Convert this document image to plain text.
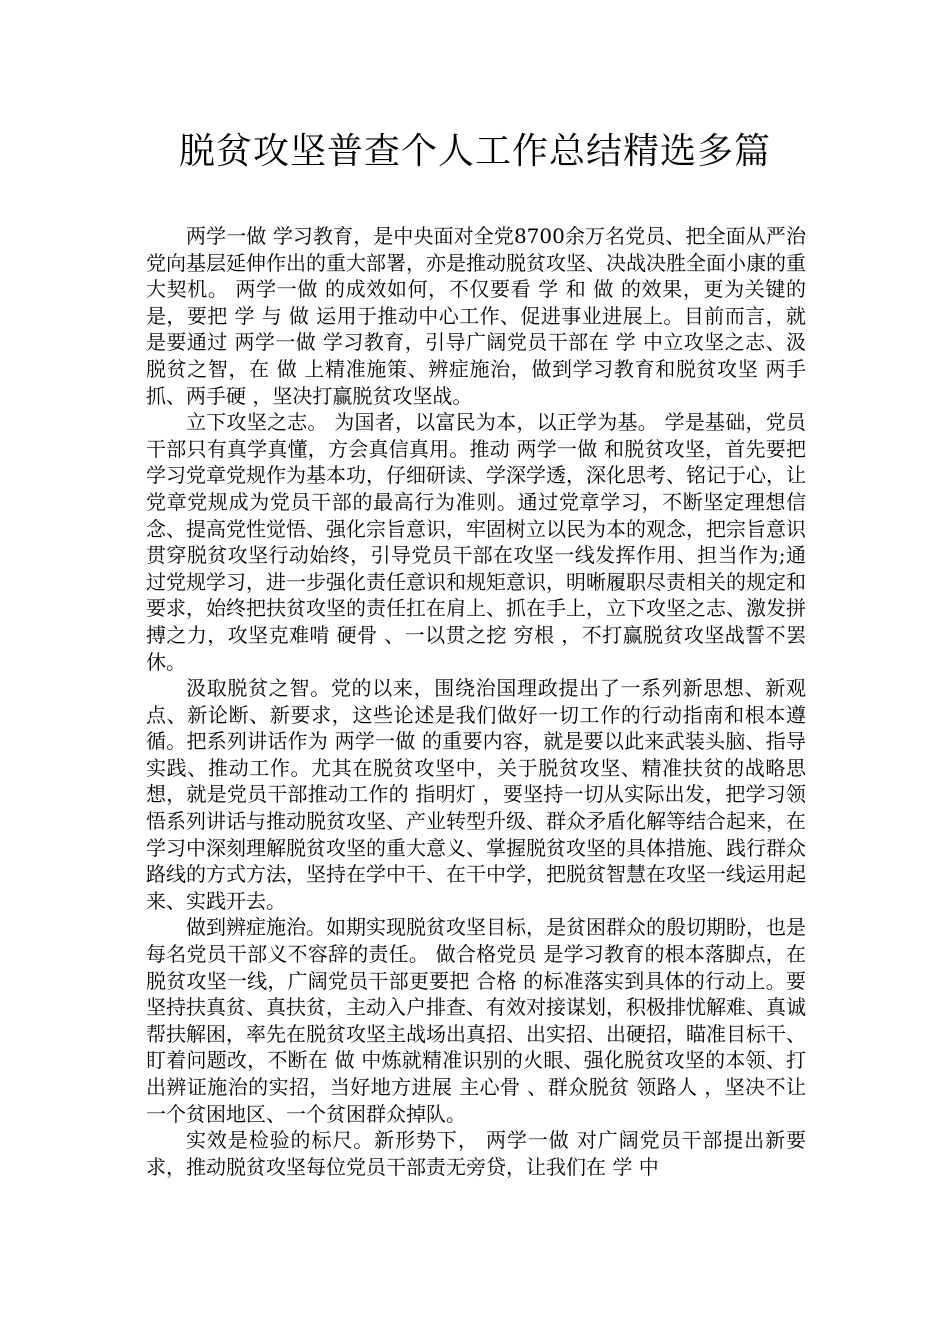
脱贫攻坚普查个人工作总结精选多篇

两学一做 学习教育，是中央面对全党8700余万名党员、把全面从严治党向基层延伸作出的重大部署，亦是推动脱贫攻坚、决战决胜全面小康的重大契机。 两学一做 的成效如何，不仅要看 学 和 做 的效果，更为关键的是，要把 学 与 做 运用于推动中心工作、促进事业进展上。目前而言，就是要通过 两学一做 学习教育，引导广阔党员干部在 学 中立攻坚之志、汲脱贫之智，在 做 上精准施策、辨症施治，做到学习教育和脱贫攻坚 两手抓、两手硬 ，坚决打赢脱贫攻坚战。

立下攻坚之志。 为国者，以富民为本，以正学为基。 学是基础，党员干部只有真学真懂，方会真信真用。推动 两学一做 和脱贫攻坚，首先要把学习党章党规作为基本功，仔细研读、学深学透，深化思考、铭记于心，让党章党规成为党员干部的最高行为准则。通过党章学习，不断坚定理想信念、提高党性觉悟、强化宗旨意识，牢固树立以民为本的观念，把宗旨意识贯穿脱贫攻坚行动始终，引导党员干部在攻坚一线发挥作用、担当作为;通过党规学习，进一步强化责任意识和规矩意识，明晰履职尽责相关的规定和要求，始终把扶贫攻坚的责任扛在肩上、抓在手上，立下攻坚之志、激发拼搏之力，攻坚克难啃 硬骨 、一以贯之挖 穷根 ，不打赢脱贫攻坚战誓不罢休。

汲取脱贫之智。党的以来，围绕治国理政提出了一系列新思想、新观点、新论断、新要求，这些论述是我们做好一切工作的行动指南和根本遵循。把系列讲话作为 两学一做 的重要内容，就是要以此来武装头脑、指导实践、推动工作。尤其在脱贫攻坚中，关于脱贫攻坚、精准扶贫的战略思想，就是党员干部推动工作的 指明灯 ，要坚持一切从实际出发，把学习领悟系列讲话与推动脱贫攻坚、产业转型升级、群众矛盾化解等结合起来，在学习中深刻理解脱贫攻坚的重大意义、掌握脱贫攻坚的具体措施、践行群众路线的方式方法，坚持在学中干、在干中学，把脱贫智慧在攻坚一线运用起来、实践开去。

做到辨症施治。如期实现脱贫攻坚目标，是贫困群众的殷切期盼，也是每名党员干部义不容辞的责任。 做合格党员 是学习教育的根本落脚点，在脱贫攻坚一线，广阔党员干部更要把 合格 的标准落实到具体的行动上。要坚持扶真贫、真扶贫，主动入户排查、有效对接谋划，积极排忧解难、真诚帮扶解困，率先在脱贫攻坚主战场出真招、出实招、出硬招，瞄准目标干、盯着问题改，不断在 做 中炼就精准识别的火眼、强化脱贫攻坚的本领、打出辨证施治的实招，当好地方进展 主心骨 、群众脱贫 领路人 ，坚决不让一个贫困地区、一个贫困群众掉队。

实效是检验的标尺。新形势下， 两学一做 对广阔党员干部提出新要求，推动脱贫攻坚每位党员干部责无旁贷，让我们在 学 中
